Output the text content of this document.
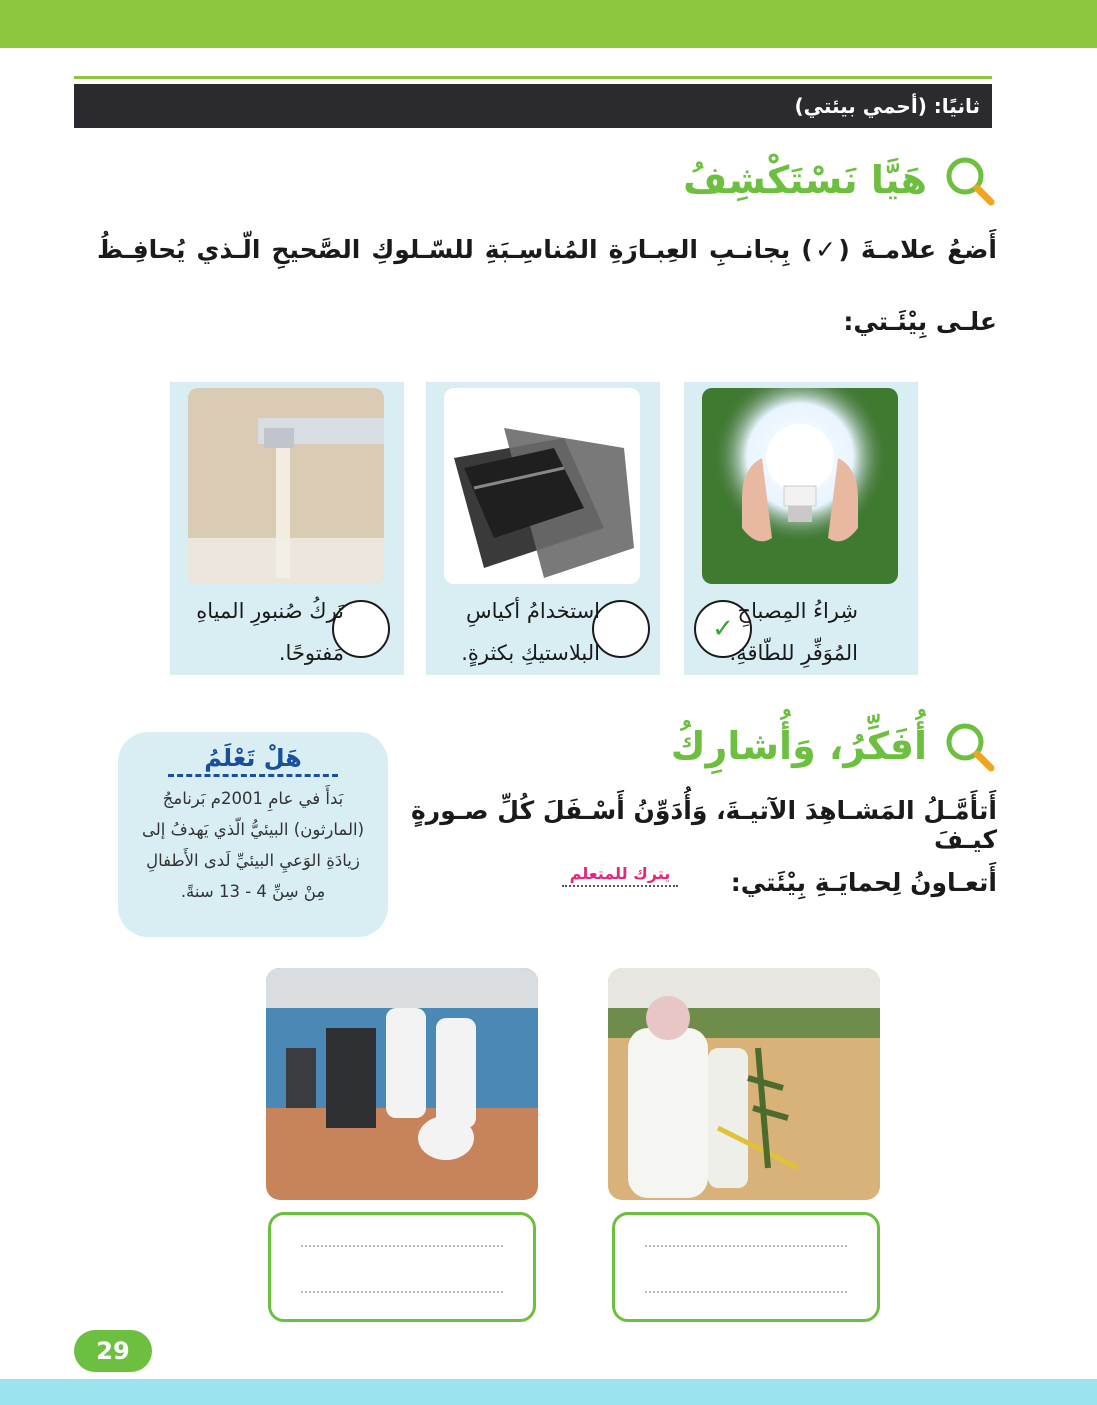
ثانيًا: (أحمي بيئتي)
هَيَّا نَسْتَكْشِفُ
أَضعُ علامـةَ (✓) بِجانـبِ العِبـارَةِ المُناسِـبَةِ للسّـلوكِ الصَّحيحِ الّـذي يُحافِـظُ علـى بِيْئَـتي:
✓
شِراءُ المِصباحِ المُوَفِّرِ للطّاقةِ.
استخدامُ أكياسِ البلاستيكِ بكثرةٍ.
تَركُ صُنبورِ المياهِ مَفتوحًا.
أُفَكِّرُ، وَأُشارِكُ
أَتأَمَّـلُ المَشـاهِدَ الآتيـةَ، وَأُدَوِّنُ أَسْـفَلَ كُلِّ صـورةٍ كيـفَ
أَتعـاونُ لِحمايَـةِ بِيْئَتي:
يترك للمتعلم
هَلْ تَعْلَمُ
بَدأَ في عامِ 2001م بَرنامجُ (المارثون) البيئيُّ الّذي يَهدفُ إلى زيادَةِ الوَعيِ البيئيِّ لَدى الأَطفالِ مِنْ سِنِّ 4 - 13 سنةً.
29
